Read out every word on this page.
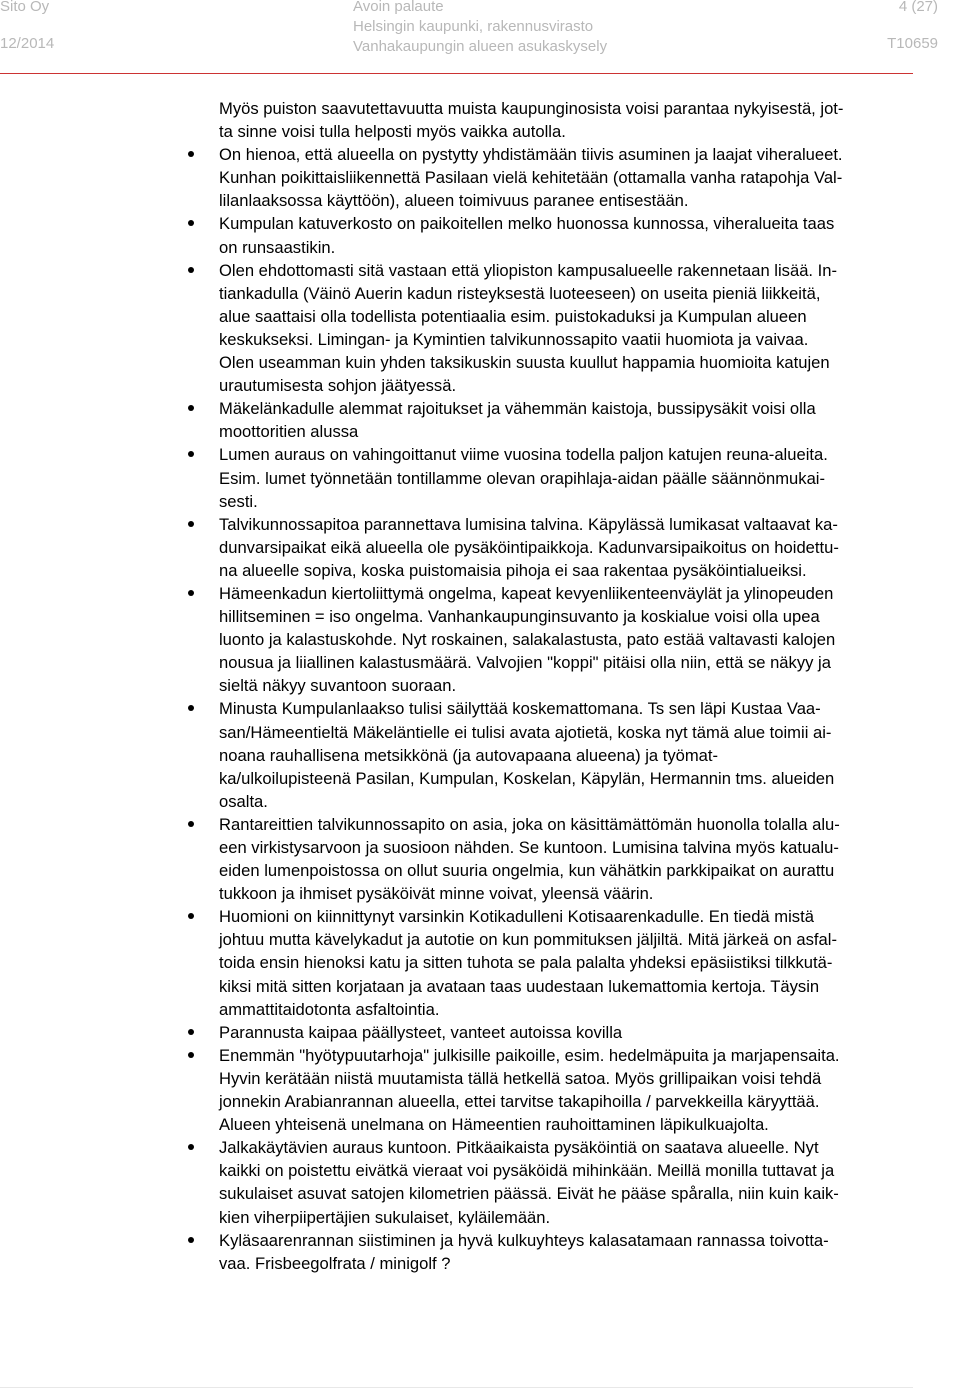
Sito Oy
12/2014
Avoin palaute
Helsingin kaupunki, rakennusvirasto
Vanhakaupungin alueen asukaskysely
4 (27)
T10659

Myös puiston saavutettavuutta muista kaupunginosista voisi parantaa nykyisestä, jot-
ta sinne voisi tulla helposti myös vaikka autolla.

On hienoa, että alueella on pystytty yhdistämään tiivis asuminen ja laajat viheralueet.
Kunhan poikittaisliikennettä Pasilaan vielä kehitetään (ottamalla vanha ratapohja Val-
lilanlaaksossa käyttöön), alueen toimivuus paranee entisestään.
Kumpulan katuverkosto on paikoitellen melko huonossa kunnossa, viheralueita taas
on runsaastikin.
Olen ehdottomasti sitä vastaan että yliopiston kampusalueelle rakennetaan lisää. In-
tiankadulla (Väinö Auerin kadun risteyksestä luoteeseen) on useita pieniä liikkeitä,
alue saattaisi olla todellista potentiaalia esim. puistokaduksi ja Kumpulan alueen
keskukseksi. Limingan- ja Kymintien talvikunnossapito vaatii huomiota ja vaivaa.
Olen useamman kuin yhden taksikuskin suusta kuullut happamia huomioita katujen
urautumisesta sohjon jäätyessä.
Mäkelänkadulle alemmat rajoitukset ja vähemmän kaistoja, bussipysäkit voisi olla
moottoritien alussa
Lumen auraus on vahingoittanut viime vuosina todella paljon katujen reuna-alueita.
Esim. lumet työnnetään tontillamme olevan orapihlaja-aidan päälle säännönmukai-
sesti.
Talvikunnossapitoa parannettava lumisina talvina. Käpylässä lumikasat valtaavat ka-
dunvarsipaikat eikä alueella ole pysäköintipaikkoja. Kadunvarsipaikoitus on hoidettu-
na alueelle sopiva, koska puistomaisia pihoja ei saa rakentaa pysäköintialueiksi.
Hämeenkadun kiertoliittymä ongelma, kapeat kevyenliikenteenväylät ja ylinopeuden
hillitseminen = iso ongelma. Vanhankaupunginsuvanto ja koskialue voisi olla upea
luonto ja kalastuskohde. Nyt roskainen, salakalastusta, pato estää valtavasti kalojen
nousua ja liiallinen kalastusmäärä. Valvojien "koppi" pitäisi olla niin, että se näkyy ja
sieltä näkyy suvantoon suoraan.
Minusta Kumpulanlaakso tulisi säilyttää koskemattomana. Ts sen läpi Kustaa Vaa-
san/Hämeentieltä Mäkeläntielle ei tulisi avata ajotietä, koska nyt tämä alue toimii ai-
noana rauhallisena metsikkönä (ja autovapaana alueena) ja työmat-
ka/ulkoilupisteenä Pasilan, Kumpulan, Koskelan, Käpylän, Hermannin tms. alueiden
osalta.
Rantareittien talvikunnossapito on asia, joka on käsittämättömän huonolla tolalla alu-
een virkistysarvoon ja suosioon nähden. Se kuntoon. Lumisina talvina myös katualu-
eiden lumenpoistossa on ollut suuria ongelmia, kun vähätkin parkkipaikat on aurattu
tukkoon ja ihmiset pysäköivät minne voivat, yleensä väärin.
Huomioni on kiinnittynyt varsinkin Kotikadulleni Kotisaarenkadulle. En tiedä mistä
johtuu mutta kävelykadut ja autotie on kun pommituksen jäljiltä. Mitä järkeä on asfal-
toida ensin hienoksi katu ja sitten tuhota se pala palalta yhdeksi epäsiistiksi tilkkutä-
kiksi mitä sitten korjataan ja avataan taas uudestaan lukemattomia kertoja. Täysin
ammattitaidotonta asfaltointia.
Parannusta kaipaa päällysteet, vanteet autoissa kovilla
Enemmän "hyötypuutarhoja" julkisille paikoille, esim. hedelmäpuita ja marjapensaita.
Hyvin kerätään niistä muutamista tällä hetkellä satoa. Myös grillipaikan voisi tehdä
jonnekin Arabianrannan alueella, ettei tarvitse takapihoilla / parvekkeilla käryyttää.
Alueen yhteisenä unelmana on Hämeentien rauhoittaminen läpikulkuajolta.
Jalkakäytävien auraus kuntoon. Pitkäaikaista pysäköintiä on saatava alueelle. Nyt
kaikki on poistettu eivätkä vieraat voi pysäköidä mihinkään. Meillä monilla tuttavat ja
sukulaiset asuvat satojen kilometrien päässä. Eivät he pääse spåralla, niin kuin kaik-
kien viherpiipertäjien sukulaiset, kyläilemään.
Kyläsaarenrannan siistiminen ja hyvä kulkuyhteys kalasatamaan rannassa toivotta-
vaa. Frisbeegolfrata / minigolf ?
